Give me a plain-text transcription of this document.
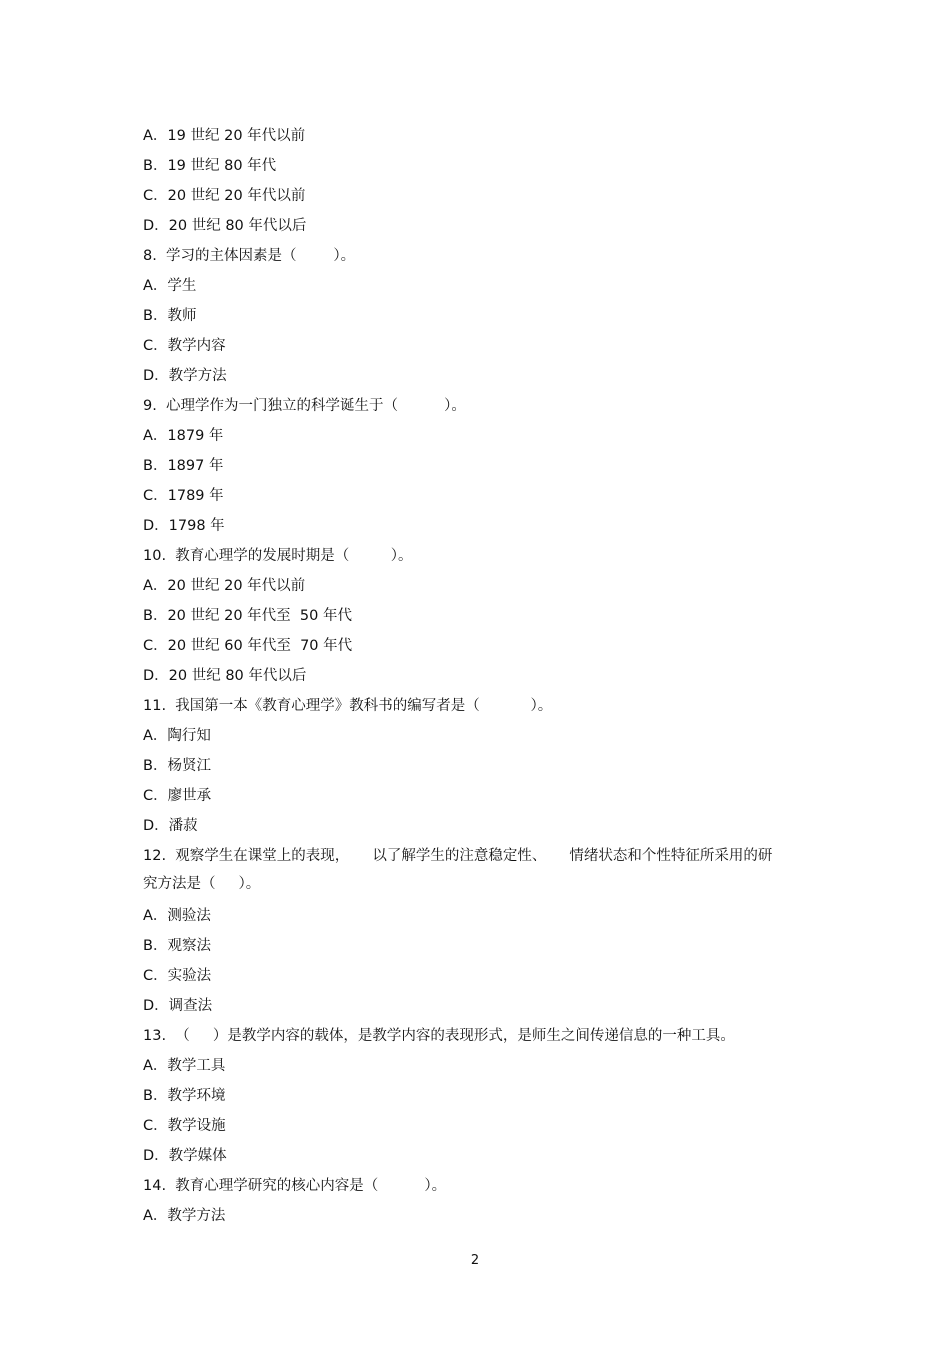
A．19 世纪 20 年代以前
B．19 世纪 80 年代
C．20 世纪 20 年代以前
D．20 世纪 80 年代以后
8.  学习的主体因素是（        ）。
A．学生
B．教师
C．教学内容
D．教学方法
9.  心理学作为一门独立的科学诞生于（          ）。
A．1879 年
B．1897 年
C．1789 年
D．1798 年
10.  教育心理学的发展时期是（         ）。
A．20 世纪 20 年代以前
B．20 世纪 20 年代至  50 年代
C．20 世纪 60 年代至  70 年代
D．20 世纪 80 年代以后
11.  我国第一本《教育心理学》教科书的编写者是（           ）。
A．陶行知
B．杨贤江
C．廖世承
D．潘菽
12.  观察学生在课堂上的表现，     以了解学生的注意稳定性、     情绪状态和个性特征所采用的研
究方法是（     ）。
A．测验法
B．观察法
C．实验法
D．调查法
13.  （     ）是教学内容的载体，是教学内容的表现形式，是师生之间传递信息的一种工具。
A．教学工具
B．教学环境
C．教学设施
D．教学媒体
14.  教育心理学研究的核心内容是（          ）。
A．教学方法
2
